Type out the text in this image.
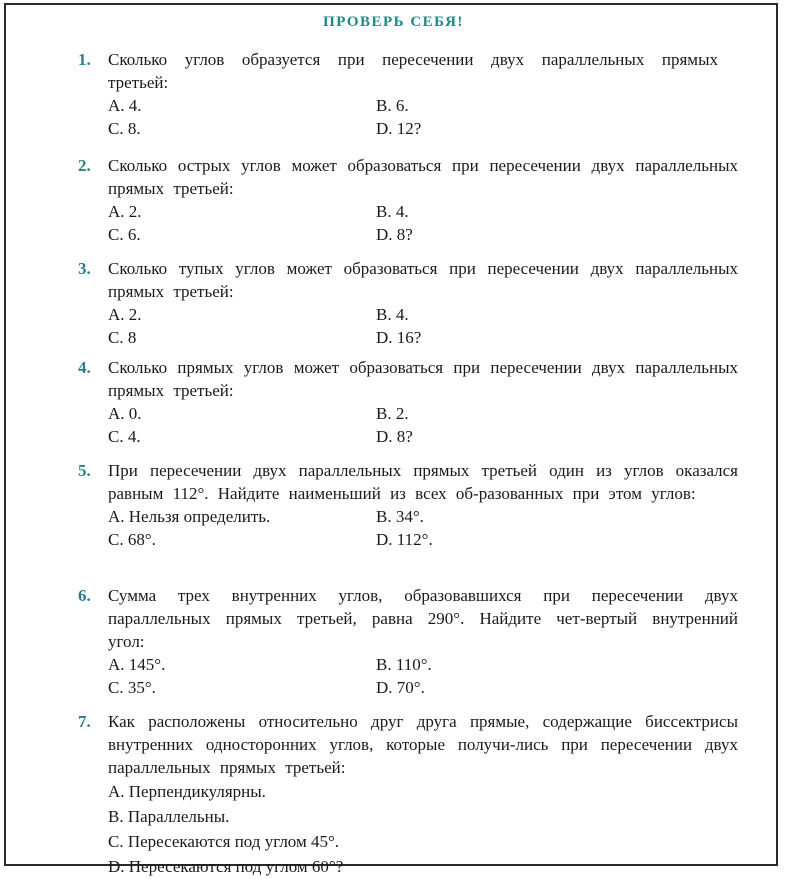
ПРОВЕРЬ СЕБЯ!
1. Сколько углов образуется при пересечении двух параллельных прямых третьей:
A. 4.	B. 6.
C. 8.	D. 12?
2. Сколько острых углов может образоваться при пересечении двух параллельных прямых третьей:
A. 2.	B. 4.
C. 6.	D. 8?
3. Сколько тупых углов может образоваться при пересечении двух параллельных прямых третьей:
A. 2.	B. 4.
C. 8	D. 16?
4. Сколько прямых углов может образоваться при пересечении двух параллельных прямых третьей:
A. 0.	B. 2.
C. 4.	D. 8?
5. При пересечении двух параллельных прямых третьей один из углов оказался равным 112°. Найдите наименьший из всех об-разованных при этом углов:
A. Нельзя определить.	B. 34°.
C. 68°.	D. 112°.
6. Сумма трех внутренних углов, образовавшихся при пересечении двух параллельных прямых третьей, равна 290°. Найдите чет-вертый внутренний угол:
A. 145°.	B. 110°.
C. 35°.	D. 70°.
7. Как расположены относительно друг друга прямые, содержащие биссектрисы внутренних односторонних углов, которые получи-лись при пересечении двух параллельных прямых третьей:
A. Перпендикулярны.
B. Параллельны.
C. Пересекаются под углом 45°.
D. Пересекаются под углом 60°?
